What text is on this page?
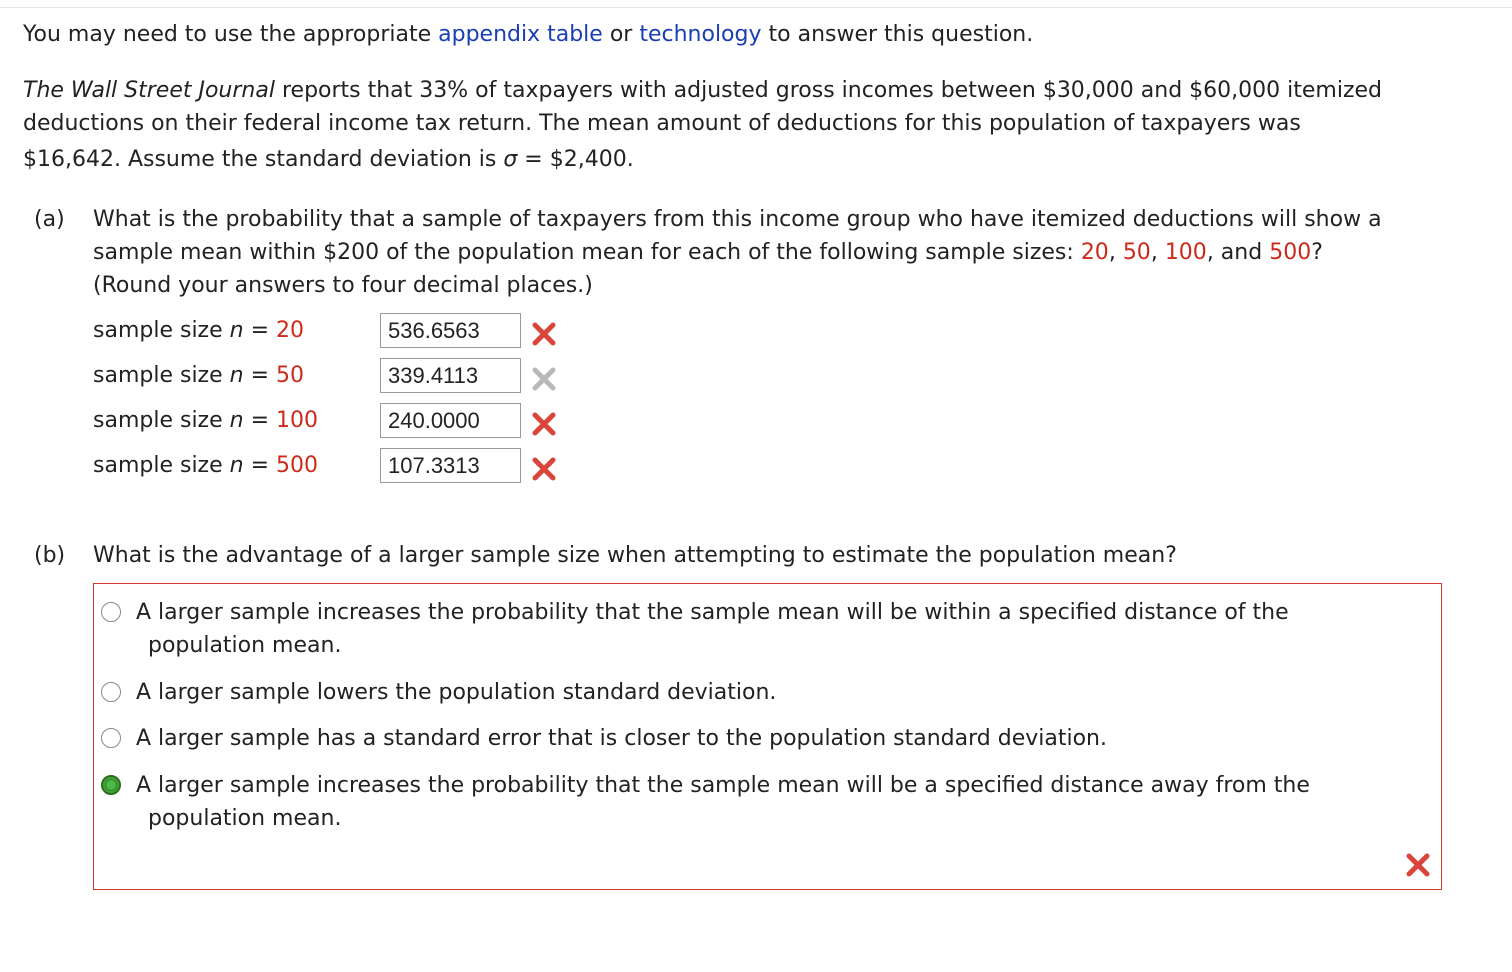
You may need to use the appropriate appendix table or technology to answer this question.
The Wall Street Journal reports that 33% of taxpayers with adjusted gross incomes between $30,000 and $60,000 itemized
deductions on their federal income tax return. The mean amount of deductions for this population of taxpayers was
$16,642. Assume the standard deviation is σ = $2,400.
(a) What is the probability that a sample of taxpayers from this income group who have itemized deductions will show a
sample mean within $200 of the population mean for each of the following sample sizes: 20, 50, 100, and 500?
(Round your answers to four decimal places.)
sample size n = 20
536.6563
sample size n = 50
339.4113
sample size n = 100
240.0000
sample size n = 500
107.3313
(b) What is the advantage of a larger sample size when attempting to estimate the population mean?
A larger sample increases the probability that the sample mean will be within a specified distance of the
population mean.
A larger sample lowers the population standard deviation.
A larger sample has a standard error that is closer to the population standard deviation.
A larger sample increases the probability that the sample mean will be a specified distance away from the
population mean.
